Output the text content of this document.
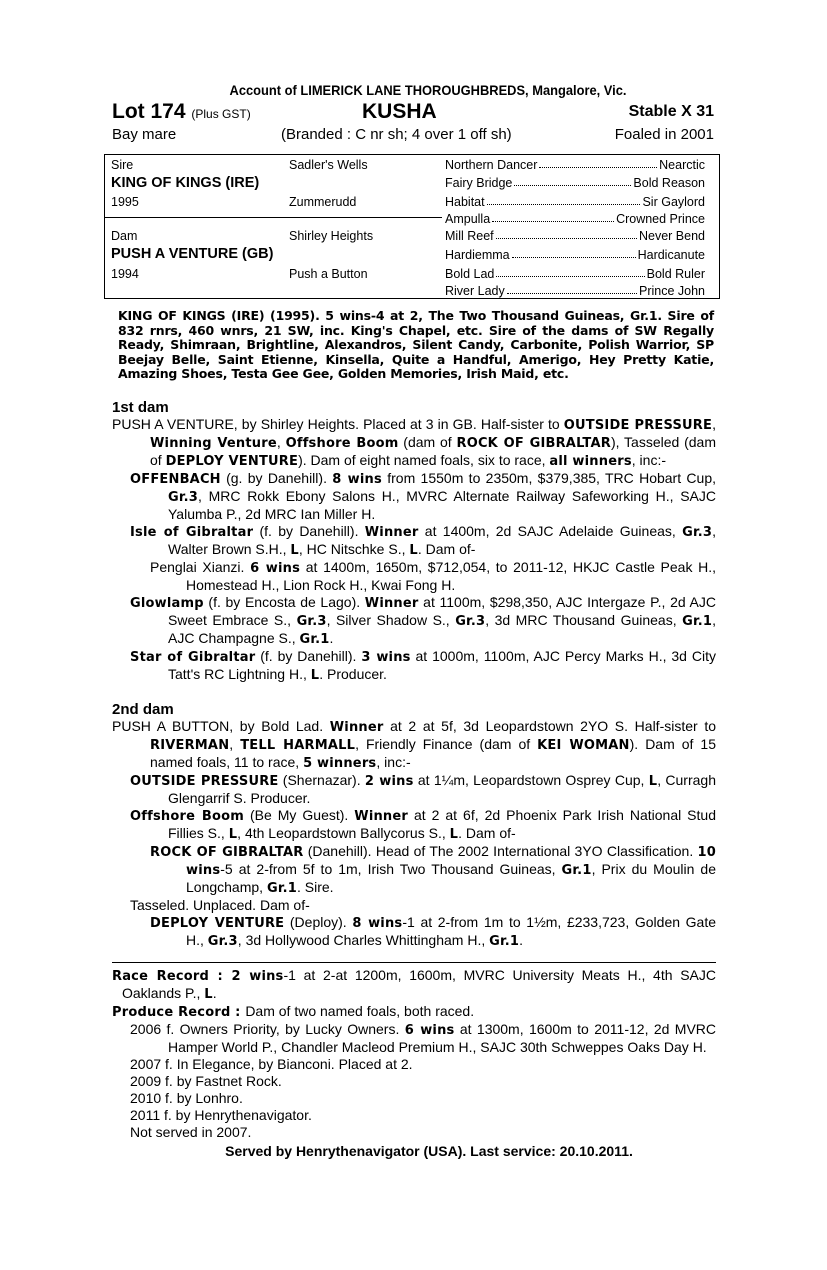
Account of LIMERICK LANE THOROUGHBREDS, Mangalore, Vic.
Lot 174 (Plus GST)	KUSHA	Stable X 31
Bay mare	(Branded : C nr sh; 4 over 1 off sh)	Foaled in 2001
Sire	Sadler's Wells
KING OF KINGS (IRE)
1995	Zummerudd
Dam	Shirley Heights
PUSH A VENTURE (GB)
1994	Push a Button
Northern Dancer	Nearctic
Fairy Bridge	Bold Reason
Habitat	Sir Gaylord
Ampulla	Crowned Prince
Mill Reef	Never Bend
Hardiemma	Hardicanute
Bold Lad	Bold Ruler
River Lady	Prince John
KING OF KINGS (IRE) (1995). 5 wins-4 at 2, The Two Thousand Guineas, Gr.1. Sire of 832 rnrs, 460 wnrs, 21 SW, inc. King's Chapel, etc. Sire of the dams of SW Regally Ready, Shimraan, Brightline, Alexandros, Silent Candy, Carbonite, Polish Warrior, SP Beejay Belle, Saint Etienne, Kinsella, Quite a Handful, Amerigo, Hey Pretty Katie, Amazing Shoes, Testa Gee Gee, Golden Memories, Irish Maid, etc.
1st dam
PUSH A VENTURE, by Shirley Heights. Placed at 3 in GB. Half-sister to OUTSIDE PRESSURE, Winning Venture, Offshore Boom (dam of ROCK OF GIBRALTAR), Tasseled (dam of DEPLOY VENTURE). Dam of eight named foals, six to race, all winners, inc:-
OFFENBACH (g. by Danehill). 8 wins from 1550m to 2350m, $379,385, TRC Hobart Cup, Gr.3, MRC Rokk Ebony Salons H., MVRC Alternate Railway Safeworking H., SAJC Yalumba P., 2d MRC Ian Miller H.
Isle of Gibraltar (f. by Danehill). Winner at 1400m, 2d SAJC Adelaide Guineas, Gr.3, Walter Brown S.H., L, HC Nitschke S., L. Dam of-
Penglai Xianzi. 6 wins at 1400m, 1650m, $712,054, to 2011-12, HKJC Castle Peak H., Homestead H., Lion Rock H., Kwai Fong H.
Glowlamp (f. by Encosta de Lago). Winner at 1100m, $298,350, AJC Intergaze P., 2d AJC Sweet Embrace S., Gr.3, Silver Shadow S., Gr.3, 3d MRC Thousand Guineas, Gr.1, AJC Champagne S., Gr.1.
Star of Gibraltar (f. by Danehill). 3 wins at 1000m, 1100m, AJC Percy Marks H., 3d City Tatt's RC Lightning H., L. Producer.
2nd dam
PUSH A BUTTON, by Bold Lad. Winner at 2 at 5f, 3d Leopardstown 2YO S. Half-sister to RIVERMAN, TELL HARMALL, Friendly Finance (dam of KEI WOMAN). Dam of 15 named foals, 11 to race, 5 winners, inc:-
OUTSIDE PRESSURE (Shernazar). 2 wins at 1¼m, Leopardstown Osprey Cup, L, Curragh Glengarrif S. Producer.
Offshore Boom (Be My Guest). Winner at 2 at 6f, 2d Phoenix Park Irish National Stud Fillies S., L, 4th Leopardstown Ballycorus S., L. Dam of-
ROCK OF GIBRALTAR (Danehill). Head of The 2002 International 3YO Classification. 10 wins-5 at 2-from 5f to 1m, Irish Two Thousand Guineas, Gr.1, Prix du Moulin de Longchamp, Gr.1. Sire.
Tasseled. Unplaced. Dam of-
DEPLOY VENTURE (Deploy). 8 wins-1 at 2-from 1m to 1½m, £233,723, Golden Gate H., Gr.3, 3d Hollywood Charles Whittingham H., Gr.1.
Race Record : 2 wins-1 at 2-at 1200m, 1600m, MVRC University Meats H., 4th SAJC Oaklands P., L.
Produce Record : Dam of two named foals, both raced.
2006 f. Owners Priority, by Lucky Owners. 6 wins at 1300m, 1600m to 2011-12, 2d MVRC Hamper World P., Chandler Macleod Premium H., SAJC 30th Schweppes Oaks Day H.
2007 f. In Elegance, by Bianconi. Placed at 2.
2009 f. by Fastnet Rock.
2010 f. by Lonhro.
2011 f. by Henrythenavigator.
Not served in 2007.
Served by Henrythenavigator (USA). Last service: 20.10.2011.
